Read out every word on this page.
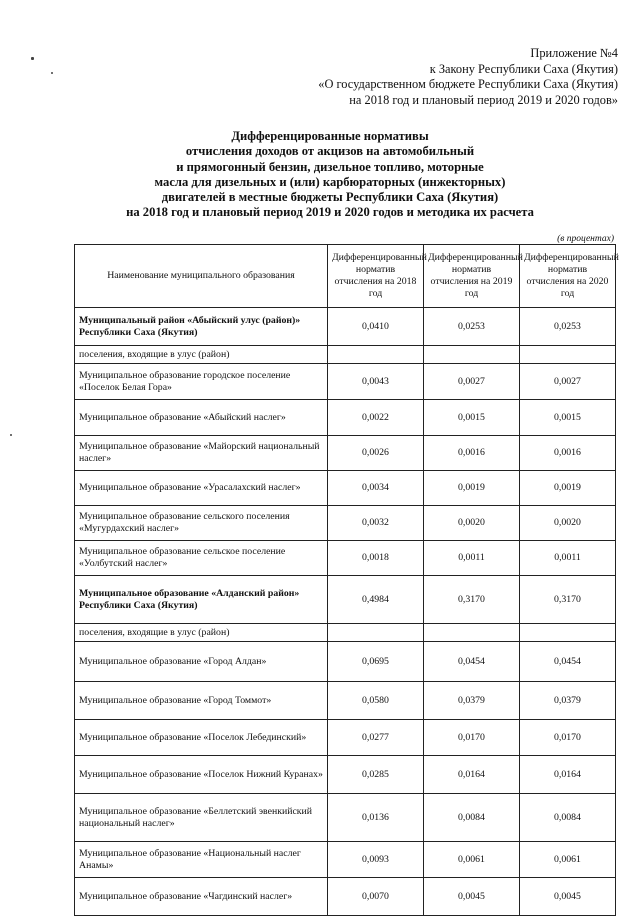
Приложение №4
к Закону Республики Саха (Якутия)
«О государственном бюджете Республики Саха (Якутия)
на 2018 год и плановый период 2019 и 2020 годов»
Дифференцированные нормативы
отчисления доходов от акцизов на автомобильный
и прямогонный бензин, дизельное топливо, моторные
масла для дизельных и (или) карбюраторных (инжекторных)
двигателей в местные бюджеты Республики Саха (Якутия)
на 2018 год и плановый период 2019 и 2020 годов и методика их расчета
(в процентах)
Наименование муниципального образования	Дифференцированный норматив отчисления на 2018 год	Дифференцированный норматив отчисления на 2019 год	Дифференцированный норматив отчисления на 2020 год
Муниципальный район «Абыйский улус (район)» Республики Саха (Якутия)	0,0410	0,0253	0,0253
поселения, входящие в улус (район)			
Муниципальное образование городское поселение «Поселок Белая Гора»	0,0043	0,0027	0,0027
Муниципальное образование «Абыйский наслег»	0,0022	0,0015	0,0015
Муниципальное образование «Майорский национальный наслег»	0,0026	0,0016	0,0016
Муниципальное образование «Урасалахский наслег»	0,0034	0,0019	0,0019
Муниципальное образование сельского поселения «Мугурдахский наслег»	0,0032	0,0020	0,0020
Муниципальное образование сельское поселение «Уолбутский наслег»	0,0018	0,0011	0,0011
Муниципальное образование «Алданский район» Республики Саха (Якутия)	0,4984	0,3170	0,3170
поселения, входящие в улус (район)			
Муниципальное образование «Город Алдан»	0,0695	0,0454	0,0454
Муниципальное образование «Город Томмот»	0,0580	0,0379	0,0379
Муниципальное образование «Поселок Лебединский»	0,0277	0,0170	0,0170
Муниципальное образование «Поселок Нижний Куранах»	0,0285	0,0164	0,0164
Муниципальное образование «Беллетский эвенкийский национальный наслег»	0,0136	0,0084	0,0084
Муниципальное образование «Национальный наслег Анамы»	0,0093	0,0061	0,0061
Муниципальное образование «Чагдинский наслег»	0,0070	0,0045	0,0045
